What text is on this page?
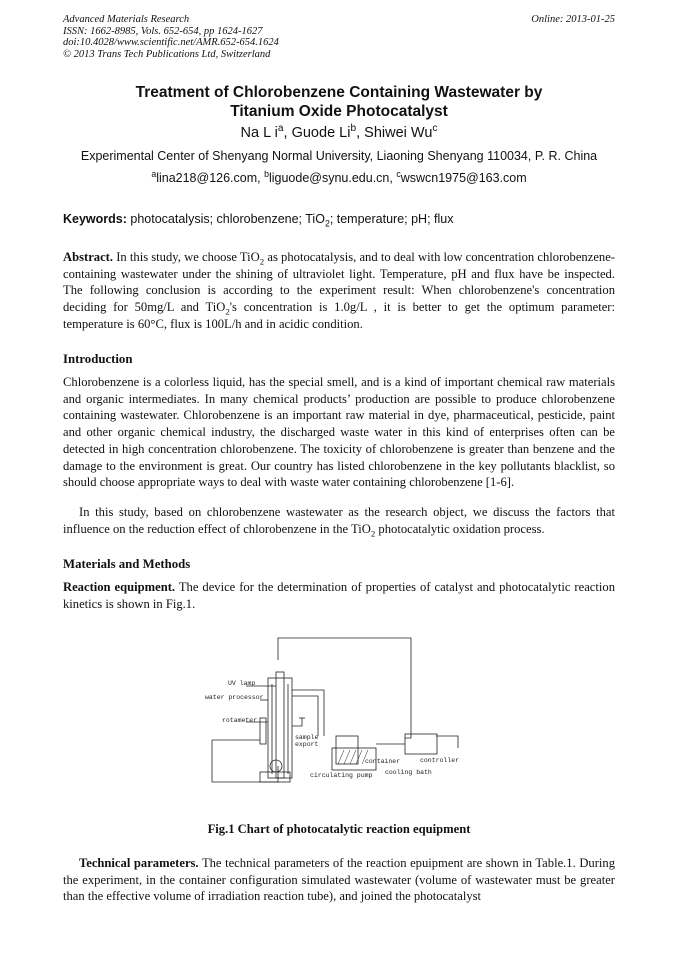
Advanced Materials Research
ISSN: 1662-8985, Vols. 652-654, pp 1624-1627
doi:10.4028/www.scientific.net/AMR.652-654.1624
© 2013 Trans Tech Publications Ltd, Switzerland
Online: 2013-01-25
Treatment of Chlorobenzene Containing Wastewater by
Titanium Oxide Photocatalyst
Na L $i^a$, Guode Li$^b$, Shiwei Wu$^c$
Experimental Center of Shenyang Normal University, Liaoning Shenyang 110034, P. R. China
$^a$lina218@126.com, $^b$liguode@synu.edu.cn, $^c$wswcn1975@163.com
Keywords: photocatalysis; chlorobenzene; TiO$_2$; temperature; pH; flux

Abstract. In this study, we choose TiO$_2$ as photocatalysis, and to deal with low concentration chlorobenzene-containing wastewater under the shining of ultraviolet light. Temperature, pH and flux have be inspected. The following conclusion is according to the experiment result: When chlorobenzene's concentration deciding for 50mg/L and TiO$_2$'s concentration is 1.0g/L , it is better to get the optimum parameter: temperature is 60°C, flux is 100L/h and in acidic condition.

Introduction

Chlorobenzene is a colorless liquid, has the special smell, and is a kind of important chemical raw materials and organic intermediates. In many chemical products’ production are possible to produce chlorobenzene containing wastewater. Chlorobenzene is an important raw material in dye, pharmaceutical, pesticide, paint and other organic chemical industry, the discharged waste water in this kind of enterprises often can be detected in high concentration chlorobenzene. The toxicity of chlorobenzene is greater than benzene and the damage to the environment is great. Our country has listed chlorobenzene in the key pollutants blacklist, so should choose appropriate ways to deal with waste water containing chlorobenzene [1-6].

In this study, based on chlorobenzene wastewater as the research object, we discuss the factors that influence on the reduction effect of chlorobenzene in the TiO$_2$ photocatalytic oxidation process.

Materials and Methods

Reaction equipment. The device for the determination of properties of catalyst and photocatalytic reaction kinetics is shown in Fig.1.

UV lamp
water processor
rotameter
sample
export
container	controller
cooling bath
circulating pump
Fig.1 Chart of photocatalytic reaction equipment

Technical parameters. The technical parameters of the reaction epuipment are shown in Table.1. During the experiment, in the container configuration simulated wastewater (volume of wastewater must be greater than the effective volume of irradiation reaction tube), and joined the photocatalyst
